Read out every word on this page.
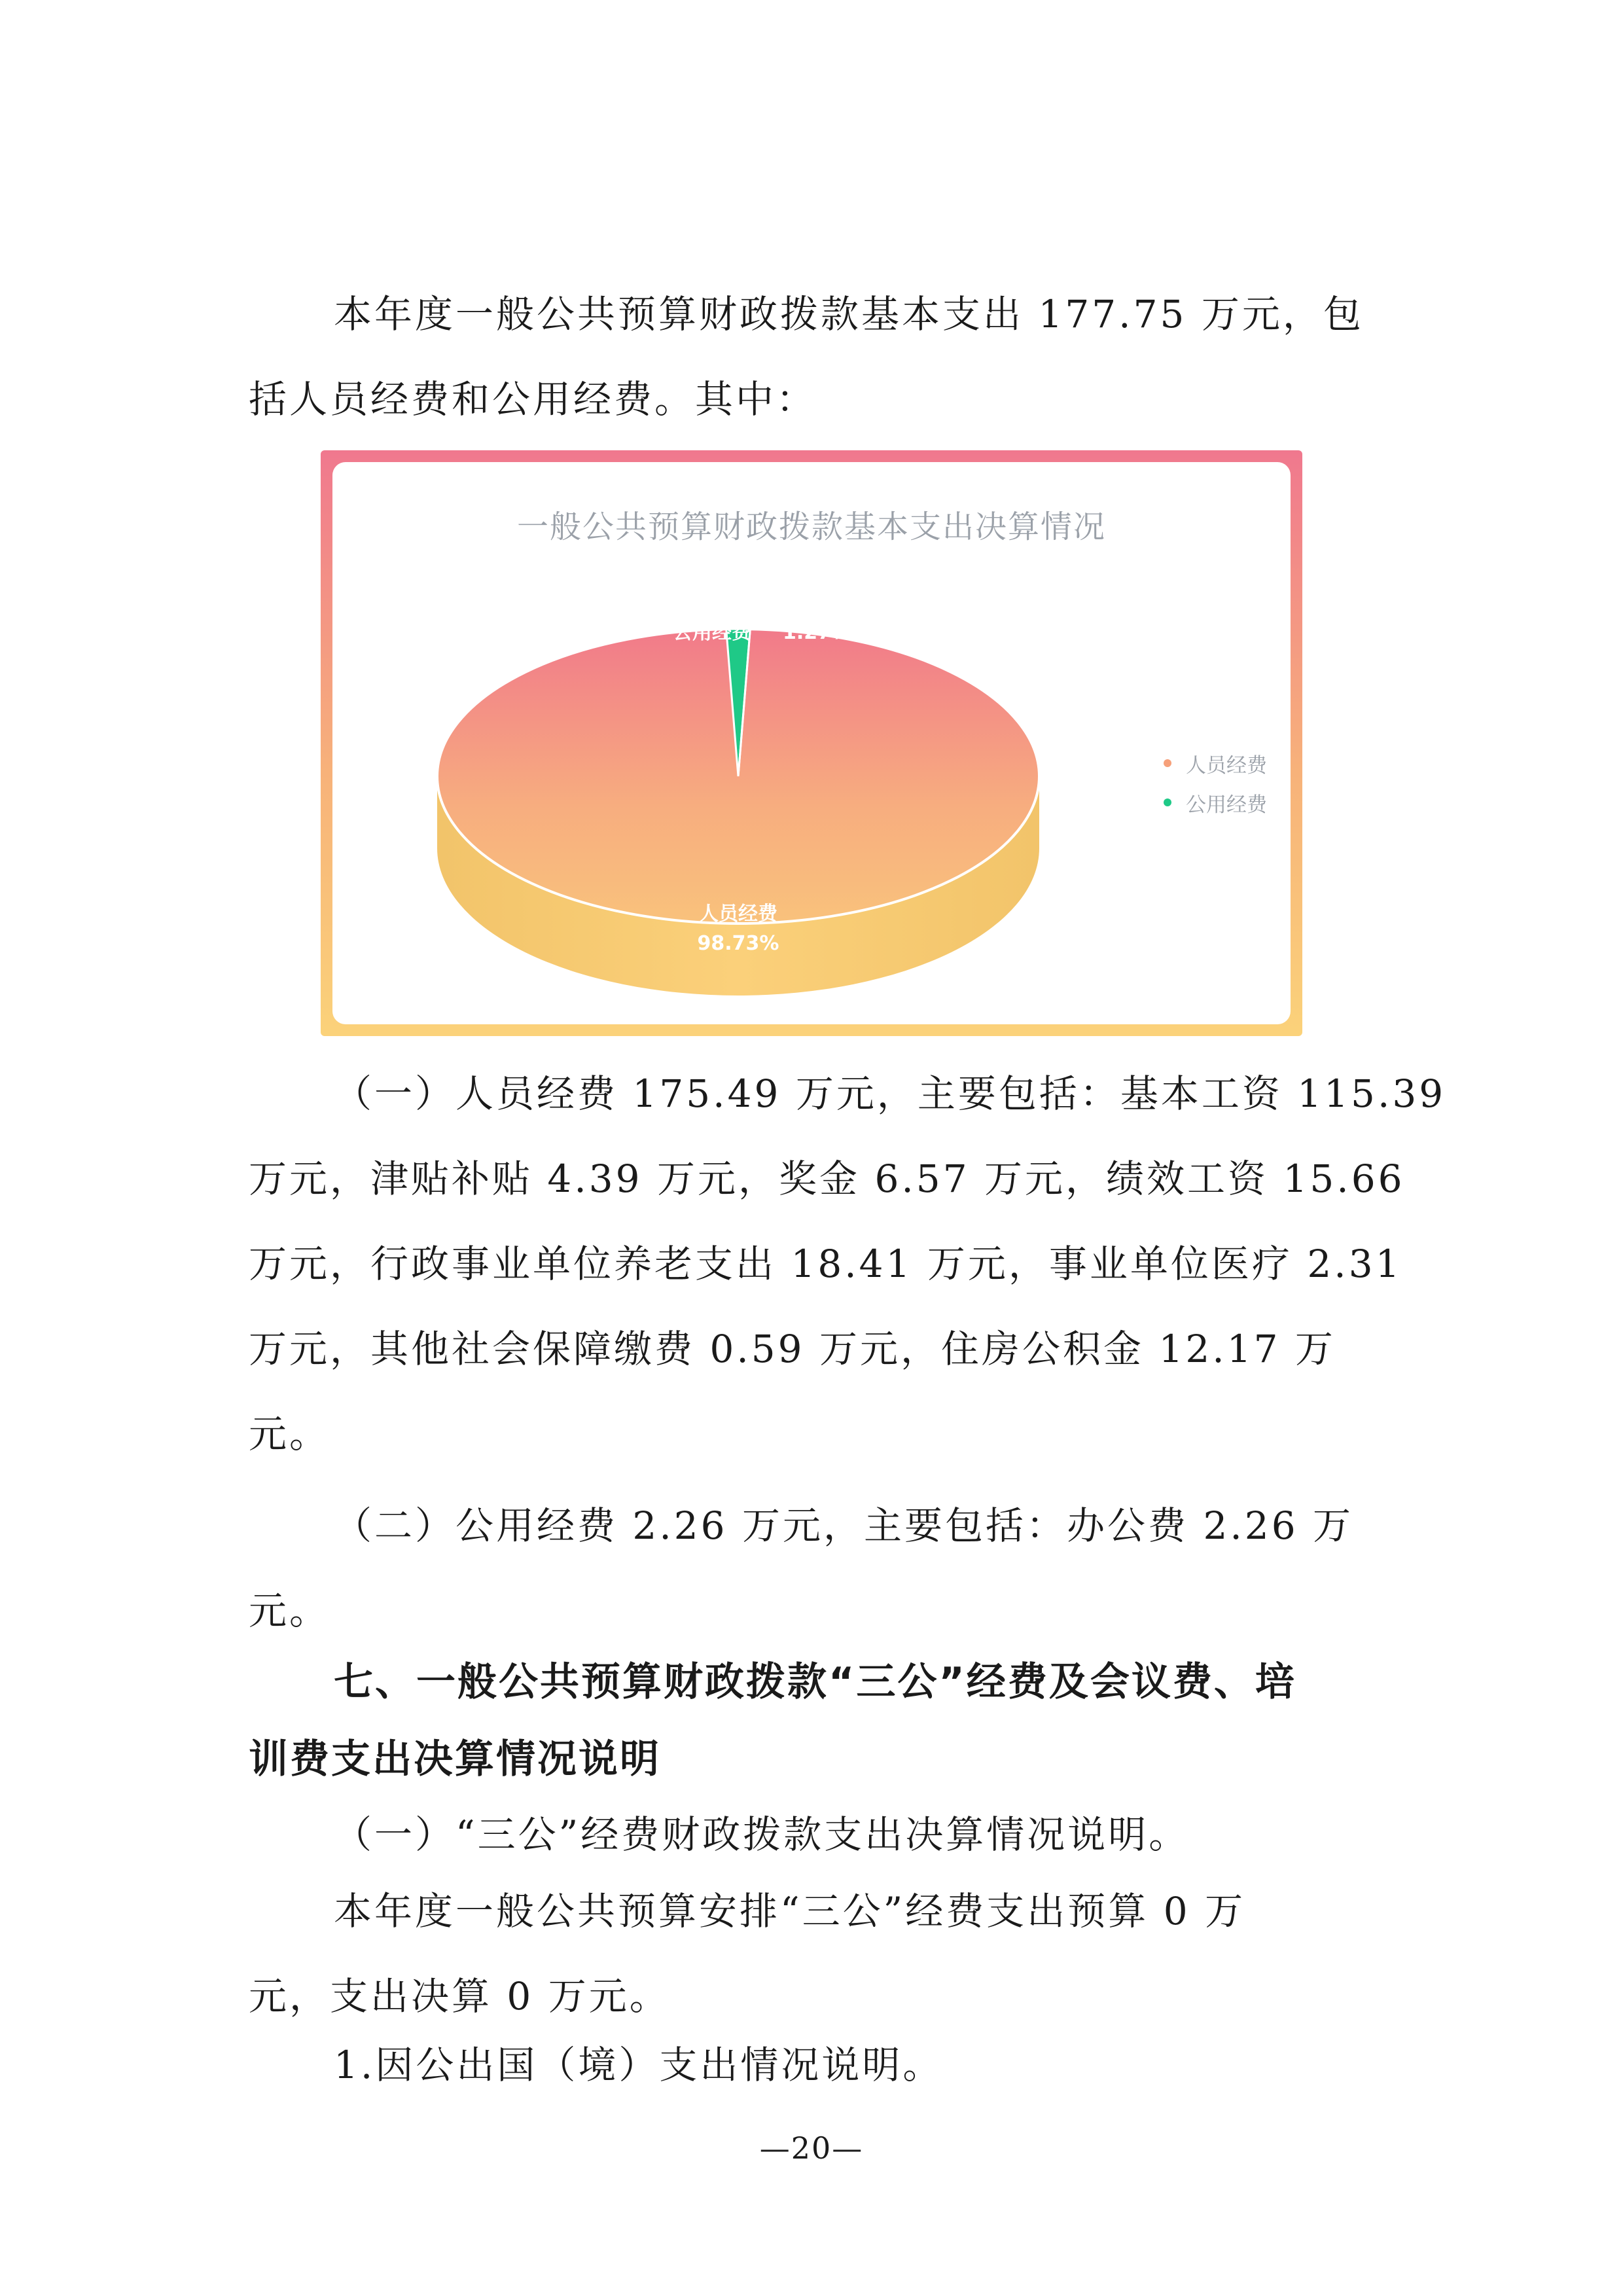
本年度一般公共预算财政拨款基本支出 177.75 万元，包
括人员经费和公用经费。其中：

一般公共预算财政拨款基本支出决算情况
人员经费
98.73%
公用经费 1.27%
人员经费
公用经费

（一）人员经费 175.49 万元，主要包括：基本工资 115.39
万元，津贴补贴 4.39 万元，奖金 6.57 万元，绩效工资 15.66
万元，行政事业单位养老支出 18.41 万元，事业单位医疗 2.31
万元，其他社会保障缴费 0.59 万元，住房公积金 12.17 万
元。

（二）公用经费 2.26 万元，主要包括：办公费 2.26 万
元。

七、一般公共预算财政拨款“三公”经费及会议费、培
训费支出决算情况说明

（一）“三公”经费财政拨款支出决算情况说明。

本年度一般公共预算安排“三公”经费支出预算 0 万
元，支出决算 0 万元。

1.因公出国（境）支出情况说明。

—20—
